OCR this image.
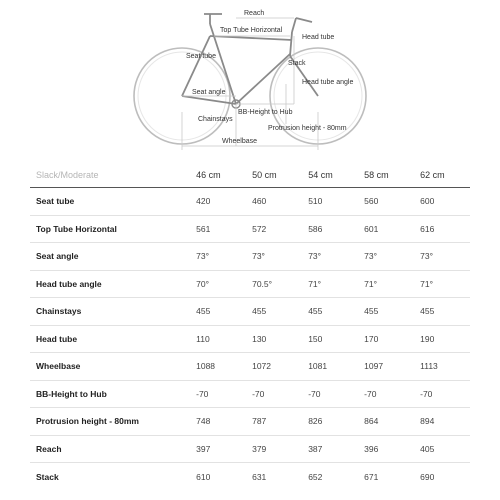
Reach
Top Tube Horizontal
Head tube
Seat tube
Stack
Head tube angle
Seat angle
BB-Height to Hub
Chainstays
Protrusion height - 80mm
Wheelbase
Slack/Moderate	46 cm	50 cm	54 cm	58 cm	62 cm
Seat tube	420	460	510	560	600
Top Tube Horizontal	561	572	586	601	616
Seat angle	73°	73°	73°	73°	73°
Head tube angle	70°	70.5°	71°	71°	71°
Chainstays	455	455	455	455	455
Head tube	110	130	150	170	190
Wheelbase	1088	1072	1081	1097	1113
BB-Height to Hub	-70	-70	-70	-70	-70
Protrusion height - 80mm	748	787	826	864	894
Reach	397	379	387	396	405
Stack	610	631	652	671	690
